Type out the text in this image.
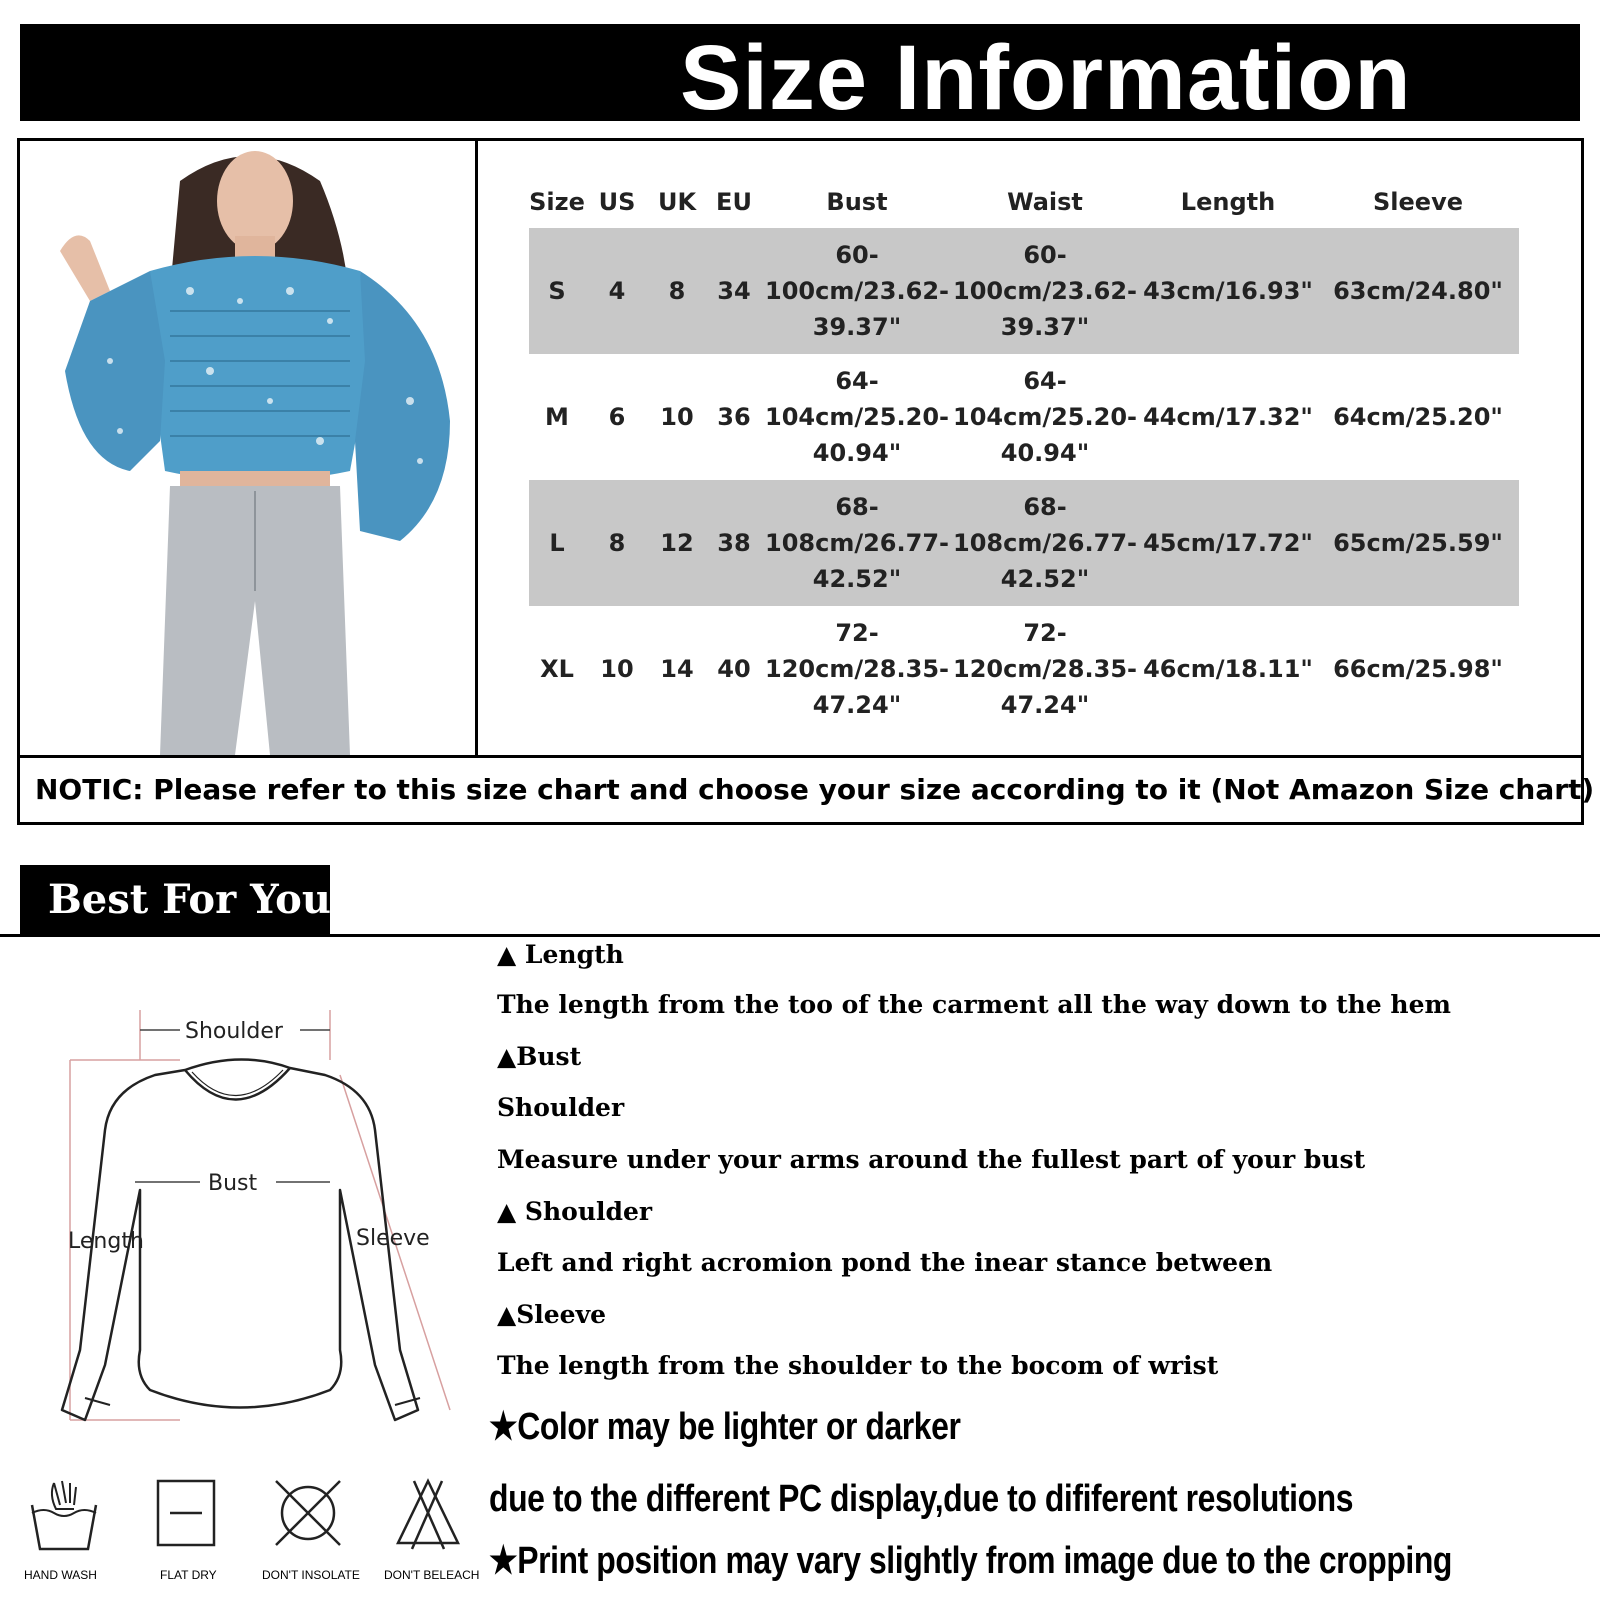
Size Information
NOTIC: Please refer to this size chart and choose your size according to it (Not Amazon Size chart)
Size	US	UK	EU	Bust	Waist	Length	Sleeve
S	4	8	34	60-
100cm/23.62-
39.37"	60-
100cm/23.62-
39.37"	43cm/16.93"	63cm/24.80"
M	6	10	36	64-
104cm/25.20-
40.94"	64-
104cm/25.20-
40.94"	44cm/17.32"	64cm/25.20"
L	8	12	38	68-
108cm/26.77-
42.52"	68-
108cm/26.77-
42.52"	45cm/17.72"	65cm/25.59"
XL	10	14	40	72-
120cm/28.35-
47.24"	72-
120cm/28.35-
47.24"	46cm/18.11"	66cm/25.98"
Best For You
Shoulder
Bust
Length	Sleeve
▲ Length
The length from the too of the carment all the way down to the hem
▲Bust
Shoulder
Measure under your arms around the fullest part of your bust
▲ Shoulder
Left and right acromion pond the inear stance between
▲Sleeve
The length from the shoulder to the bocom of wrist
★Color may be lighter or darker
due to the different PC display,due to dififerent resolutions
★Print position may vary slightly from image due to the cropping
HAND WASH	FLAT DRY	DON'T INSOLATE DON'T BELEACH
